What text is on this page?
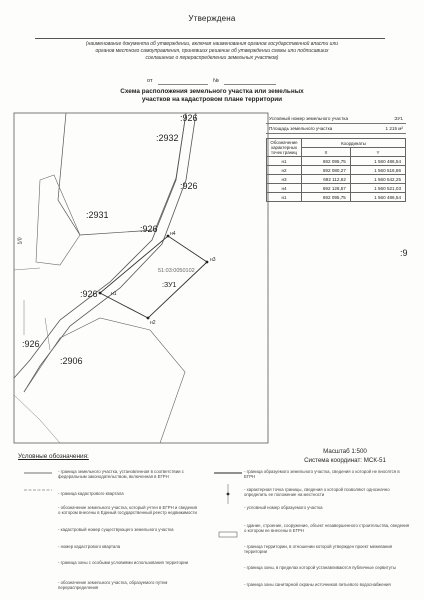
Утверждена
(наименование документа об утверждении, включая наименования органов государственной власти или
органов местного самоуправления, принявших решение об утверждении схемы или подписавших
соглашение о перераспределении земельных участков)
от	№
Схема расположения земельного участка или земельных
участков на кадастровом плане территории
:2932
:926
:926
:2931
:926
:926
:926
:2906
:9
51:03:0050102
:ЗУ1
н1
н2
н3
н4
1/0
Условный номер земельного участка	:ЗУ1
Площадь земельного участка	1 215 м²
Обозначение характерных точек границ	Координаты	
	X	Y
н1	692 095,75	1 560 486,54
н2	692 080,27	1 560 516,86
н3	692 112,62	1 560 542,25
н4	692 126,57	1 560 521,03
н1	692 095,75	1 560 486,54
Масштаб 1:500
Система координат: МСК-51
Условные обозначения:
- граница земельного участка, установленная в соответствии с федеральным законодательством, включенная в ЕГРН
- граница кадастрового квартала
- обозначение земельного участка, который учтен в ЕГРН и сведения о котором внесены в Единый государственный реестр недвижимости
- кадастровый номер существующего земельного участка
- номер кадастрового квартала
- граница зоны с особыми условиями использования территории
- обозначение земельного участка, образуемого путем перераспределения
- граница образуемого земельного участка, сведения о которой не вносятся в ЕГРН
- характерная точка границы, сведения о которой позволяют однозначно определить ее положение на местности
- условный номер образуемого участка
- здание, строение, сооружение, объект незавершенного строительства, сведения о котором не внесены в ЕГРН
- граница территории, в отношении которой утвержден проект межевания территории
- граница зоны, в пределах которой устанавливаются публичные сервитуты
- граница зоны санитарной охраны источников питьевого водоснабжения
